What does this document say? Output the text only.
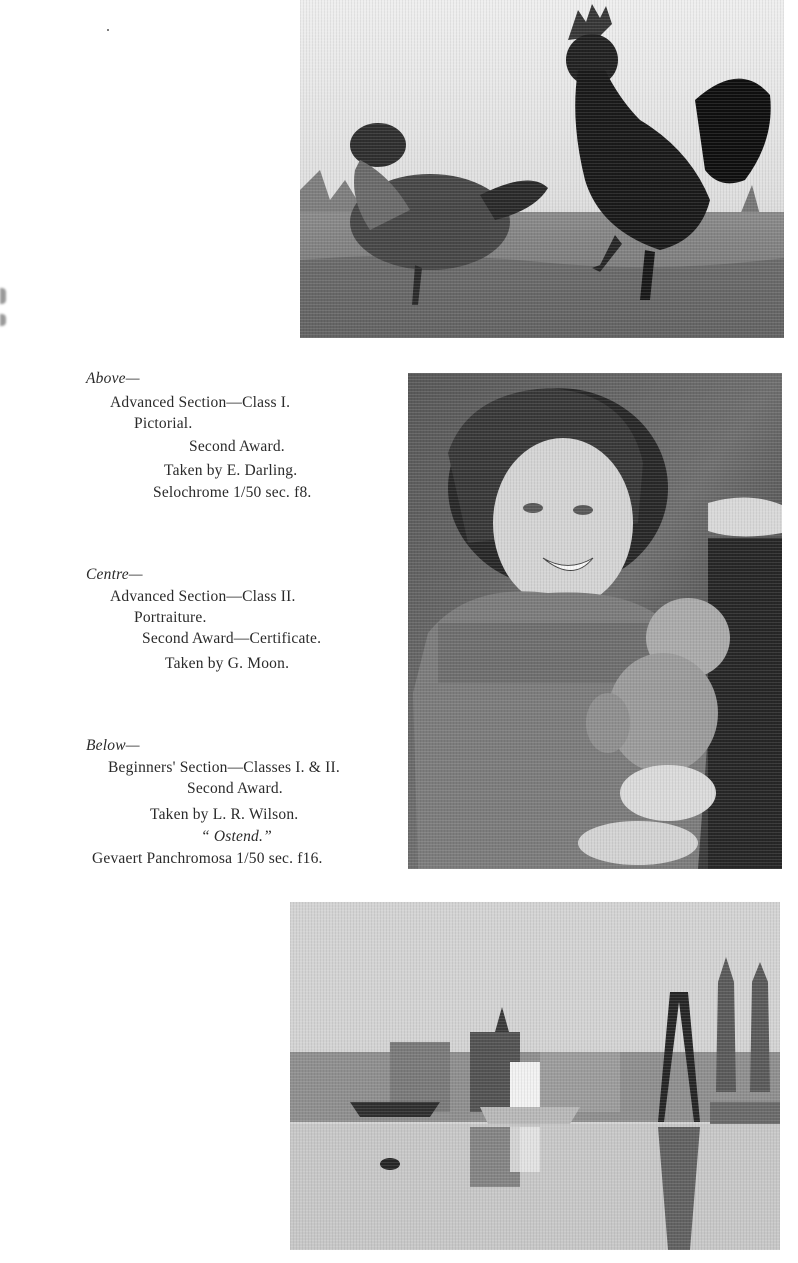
Above—
Advanced Section—Class I.
Pictorial.
Second Award.
Taken by E. Darling.
Selochrome 1/50 sec. f8.
Centre—
Advanced Section—Class II.
Portraiture.
Second Award—Certificate.
Taken by G. Moon.
Below—
Beginners' Section—Classes I. & II.
Second Award.
Taken by L. R. Wilson.
“ Ostend.”
Gevaert Panchromosa 1/50 sec. f16.
